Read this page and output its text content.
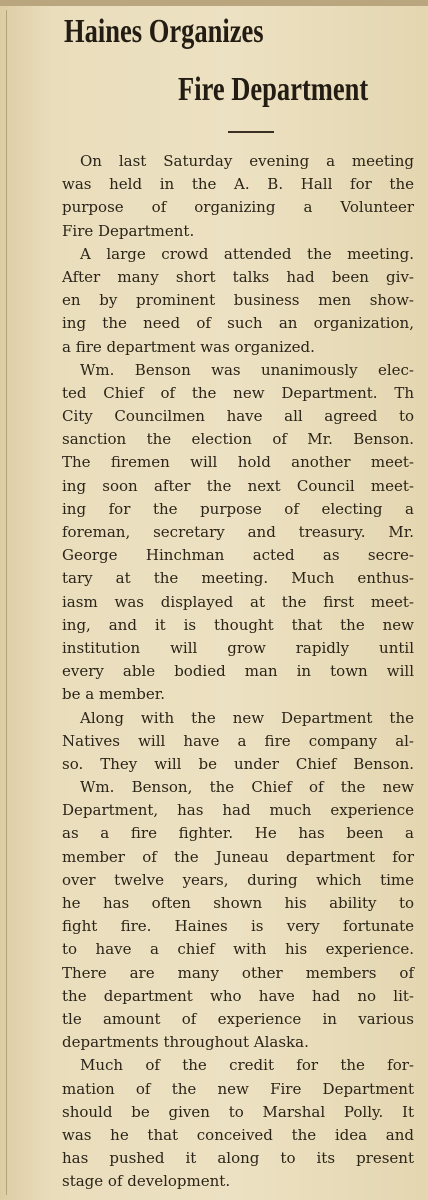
Haines Organizes
Fire Department
On last Saturday evening a meeting
was held in the A. B. Hall for the
purpose of organizing a Volunteer
Fire Department.
A large crowd attended the meeting.
After many short talks had been giv-
en by prominent business men show-
ing the need of such an organization,
a fire department was organized.
Wm. Benson was unanimously elec-
ted Chief of the new Department. Th
City Councilmen have all agreed to
sanction the election of Mr. Benson.
The firemen will hold another meet-
ing soon after the next Council meet-
ing for the purpose of electing a
foreman, secretary and treasury. Mr.
George Hinchman acted as secre-
tary at the meeting. Much enthus-
iasm was displayed at the first meet-
ing, and it is thought that the new
institution will grow rapidly until
every able bodied man in town will
be a member.
Along with the new Department the
Natives will have a fire company al-
so. They will be under Chief Benson.
Wm. Benson, the Chief of the new
Department, has had much experience
as a fire fighter. He has been a
member of the Juneau department for
over twelve years, during which time
he has often shown his ability to
fight fire. Haines is very fortunate
to have a chief with his experience.
There are many other members of
the department who have had no lit-
tle amount of experience in various
departments throughout Alaska.
Much of the credit for the for-
mation of the new Fire Department
should be given to Marshal Polly. It
was he that conceived the idea and
has pushed it along to its present
stage of development.
